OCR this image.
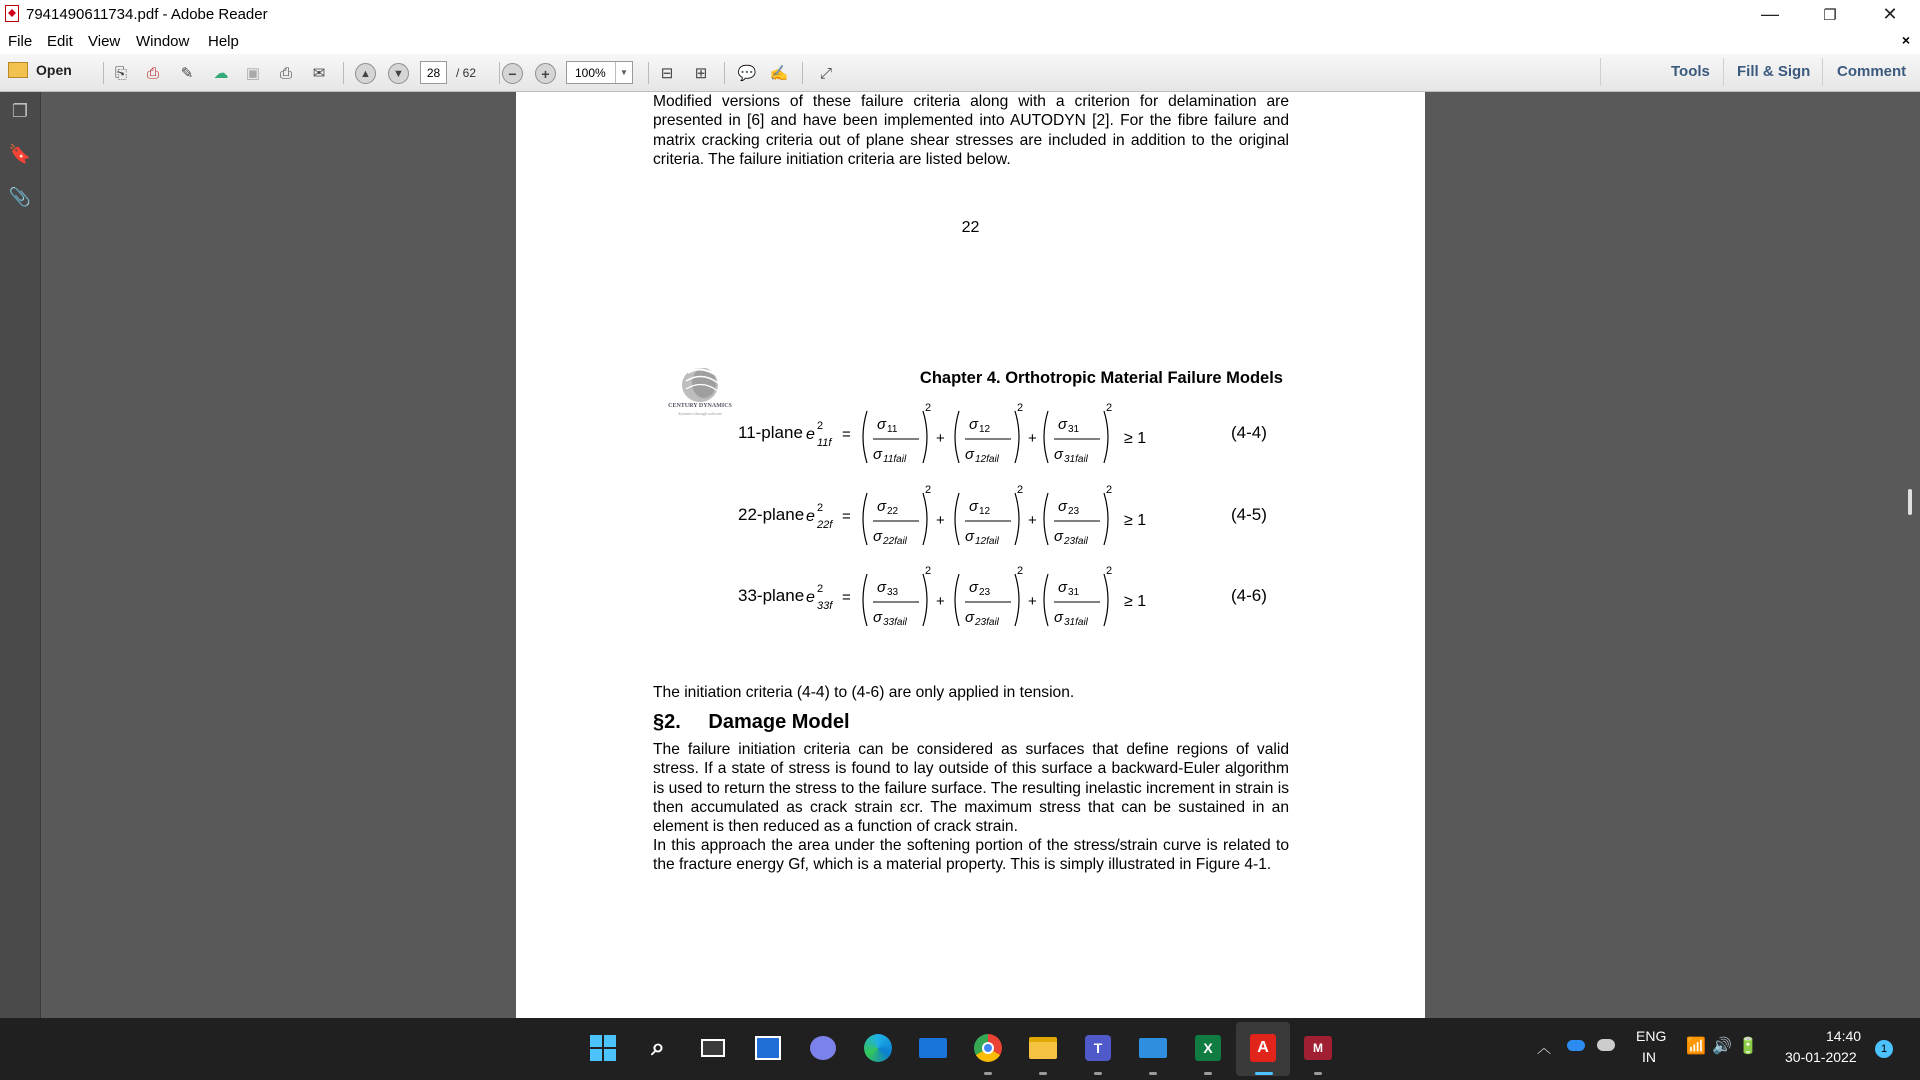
7941490611734.pdf - Adobe Reader	—	❐	✕
File Edit View Window Help	×
Open	⎘	⎙	✎	☁ ▣	⎙	✉	▲	▼	28	/ 62	−	+	100%	▼	⊟	⊞	💬 ✍	⤢	Tools Fill & Sign Comment
❐
🔖
📎
Modified versions of these failure criteria along with a criterion for delamination are presented in [6] and have been implemented into AUTODYN [2]. For the fibre failure and matrix cracking criteria out of plane shear stresses are included in addition to the original criteria. The failure initiation criteria are listed below.
22
CENTURY DYNAMICS
dynamics through software
Chapter 4. Orthotropic Material Failure Models
11-plane	(4-4)
e 2
11f =
σ 11
σ 11fail
2
+
σ 12
σ 12fail
2
+
σ 31
σ 31fail
2
≥ 1
22-plane	(4-5)
e 2
22f =
σ 22
σ 22fail
2
+
σ 12
σ 12fail
2
+
σ 23
σ 23fail
2
≥ 1
33-plane	(4-6)
e 2
33f =
σ 33
σ 33fail
2
+
σ 23
σ 23fail
2
+
σ 31
σ 31fail
2
≥ 1
The initiation criteria (4-4) to (4-6) are only applied in tension.
§2. Damage Model
The failure initiation criteria can be considered as surfaces that define regions of valid stress. If a state of stress is found to lay outside of this surface a backward-Euler algorithm is used to return the stress to the failure surface. The resulting inelastic increment in strain is then accumulated as crack strain εcr. The maximum stress that can be sustained in an element is then reduced as a function of crack strain.
In this approach the area under the softening portion of the stress/strain curve is related to the fracture energy Gf, which is a material property. This is simply illustrated in Figure 4-1.
⌕	T	X	A	M	︿
ENG
IN
📶 🔊 🔋
14:40
30-01-2022	1
